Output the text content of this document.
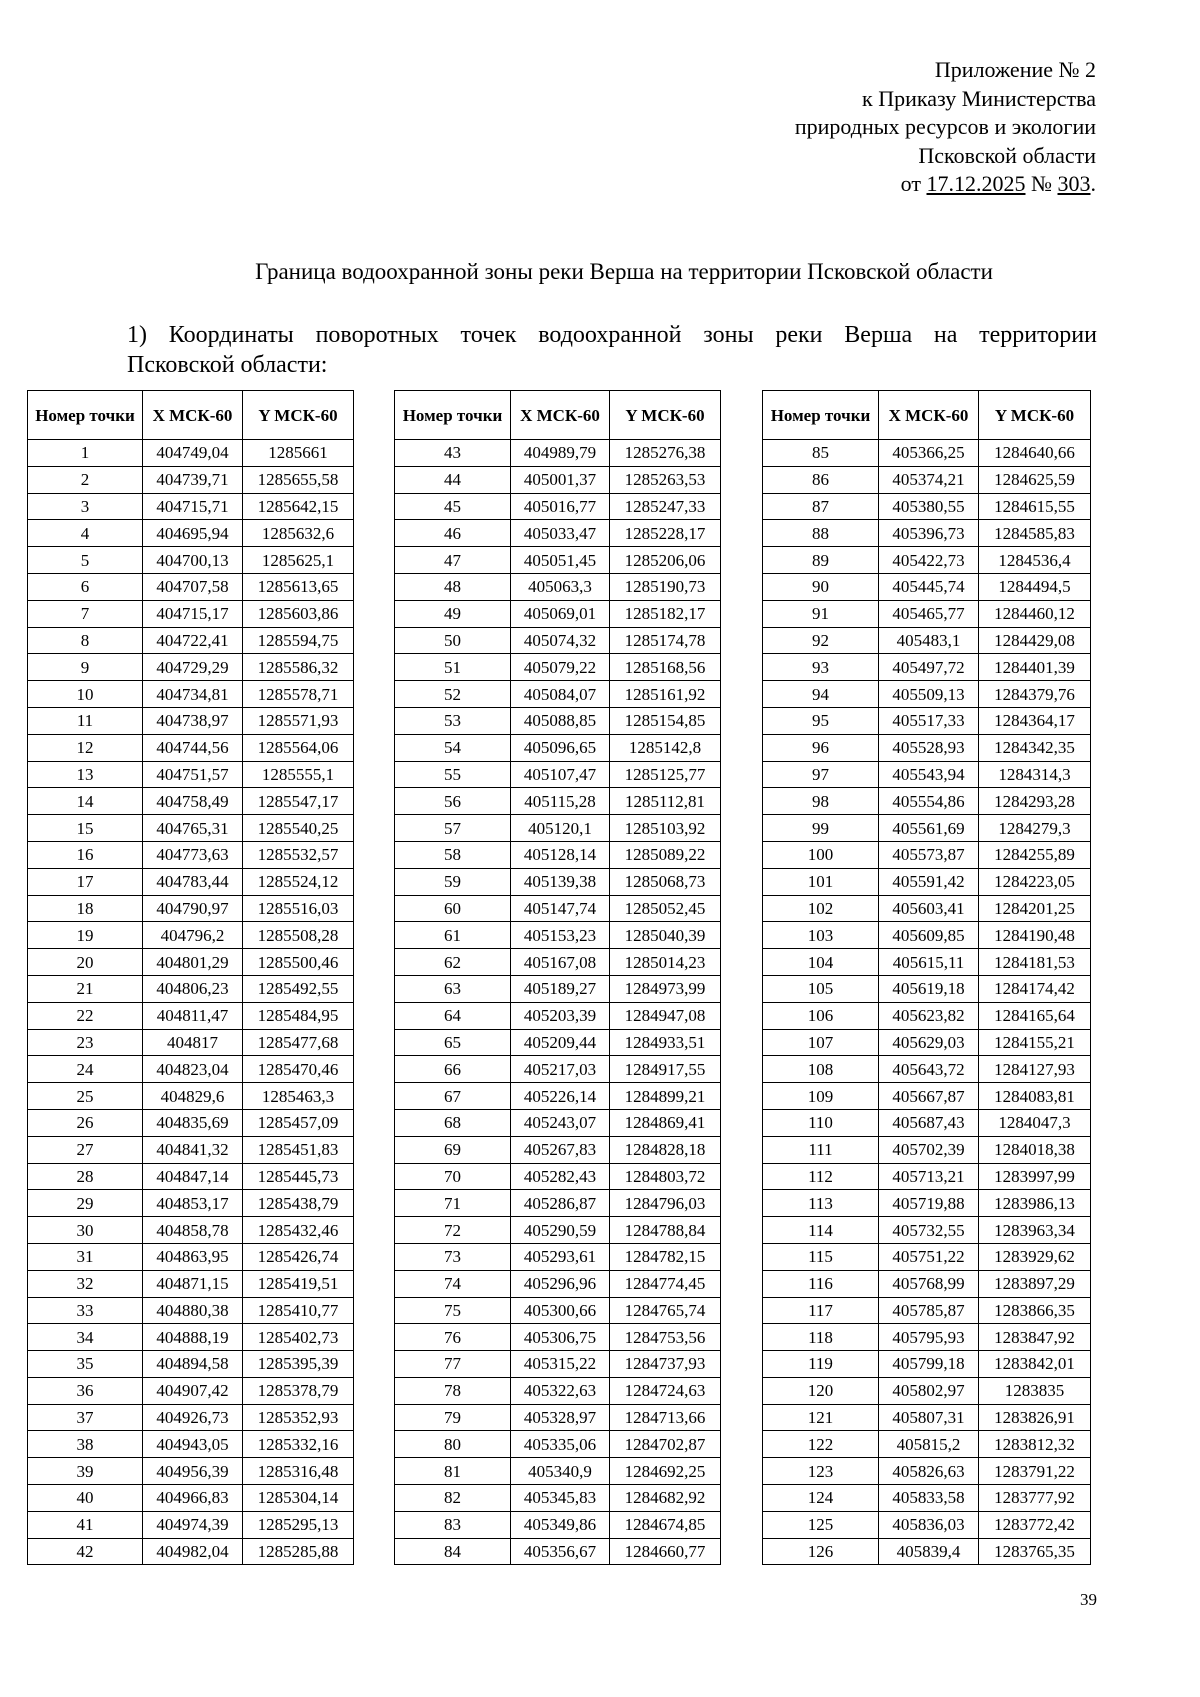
Приложение № 2
к Приказу Министерства
природных ресурсов и экологии
Псковской области
от 17.12.2025 № 303.
Граница водоохранной зоны реки Верша на территории Псковской области
1) Координаты поворотных точек водоохранной зоны реки Верша на территории
Псковской области:
Номер точки	X МСК-60	Y МСК-60
1	404749,04	1285661
2	404739,71	1285655,58
3	404715,71	1285642,15
4	404695,94	1285632,6
5	404700,13	1285625,1
6	404707,58	1285613,65
7	404715,17	1285603,86
8	404722,41	1285594,75
9	404729,29	1285586,32
10	404734,81	1285578,71
11	404738,97	1285571,93
12	404744,56	1285564,06
13	404751,57	1285555,1
14	404758,49	1285547,17
15	404765,31	1285540,25
16	404773,63	1285532,57
17	404783,44	1285524,12
18	404790,97	1285516,03
19	404796,2	1285508,28
20	404801,29	1285500,46
21	404806,23	1285492,55
22	404811,47	1285484,95
23	404817	1285477,68
24	404823,04	1285470,46
25	404829,6	1285463,3
26	404835,69	1285457,09
27	404841,32	1285451,83
28	404847,14	1285445,73
29	404853,17	1285438,79
30	404858,78	1285432,46
31	404863,95	1285426,74
32	404871,15	1285419,51
33	404880,38	1285410,77
34	404888,19	1285402,73
35	404894,58	1285395,39
36	404907,42	1285378,79
37	404926,73	1285352,93
38	404943,05	1285332,16
39	404956,39	1285316,48
40	404966,83	1285304,14
41	404974,39	1285295,13
42	404982,04	1285285,88
Номер точки	X МСК-60	Y МСК-60
43	404989,79	1285276,38
44	405001,37	1285263,53
45	405016,77	1285247,33
46	405033,47	1285228,17
47	405051,45	1285206,06
48	405063,3	1285190,73
49	405069,01	1285182,17
50	405074,32	1285174,78
51	405079,22	1285168,56
52	405084,07	1285161,92
53	405088,85	1285154,85
54	405096,65	1285142,8
55	405107,47	1285125,77
56	405115,28	1285112,81
57	405120,1	1285103,92
58	405128,14	1285089,22
59	405139,38	1285068,73
60	405147,74	1285052,45
61	405153,23	1285040,39
62	405167,08	1285014,23
63	405189,27	1284973,99
64	405203,39	1284947,08
65	405209,44	1284933,51
66	405217,03	1284917,55
67	405226,14	1284899,21
68	405243,07	1284869,41
69	405267,83	1284828,18
70	405282,43	1284803,72
71	405286,87	1284796,03
72	405290,59	1284788,84
73	405293,61	1284782,15
74	405296,96	1284774,45
75	405300,66	1284765,74
76	405306,75	1284753,56
77	405315,22	1284737,93
78	405322,63	1284724,63
79	405328,97	1284713,66
80	405335,06	1284702,87
81	405340,9	1284692,25
82	405345,83	1284682,92
83	405349,86	1284674,85
84	405356,67	1284660,77
Номер точки	X МСК-60	Y МСК-60
85	405366,25	1284640,66
86	405374,21	1284625,59
87	405380,55	1284615,55
88	405396,73	1284585,83
89	405422,73	1284536,4
90	405445,74	1284494,5
91	405465,77	1284460,12
92	405483,1	1284429,08
93	405497,72	1284401,39
94	405509,13	1284379,76
95	405517,33	1284364,17
96	405528,93	1284342,35
97	405543,94	1284314,3
98	405554,86	1284293,28
99	405561,69	1284279,3
100	405573,87	1284255,89
101	405591,42	1284223,05
102	405603,41	1284201,25
103	405609,85	1284190,48
104	405615,11	1284181,53
105	405619,18	1284174,42
106	405623,82	1284165,64
107	405629,03	1284155,21
108	405643,72	1284127,93
109	405667,87	1284083,81
110	405687,43	1284047,3
111	405702,39	1284018,38
112	405713,21	1283997,99
113	405719,88	1283986,13
114	405732,55	1283963,34
115	405751,22	1283929,62
116	405768,99	1283897,29
117	405785,87	1283866,35
118	405795,93	1283847,92
119	405799,18	1283842,01
120	405802,97	1283835
121	405807,31	1283826,91
122	405815,2	1283812,32
123	405826,63	1283791,22
124	405833,58	1283777,92
125	405836,03	1283772,42
126	405839,4	1283765,35
39
